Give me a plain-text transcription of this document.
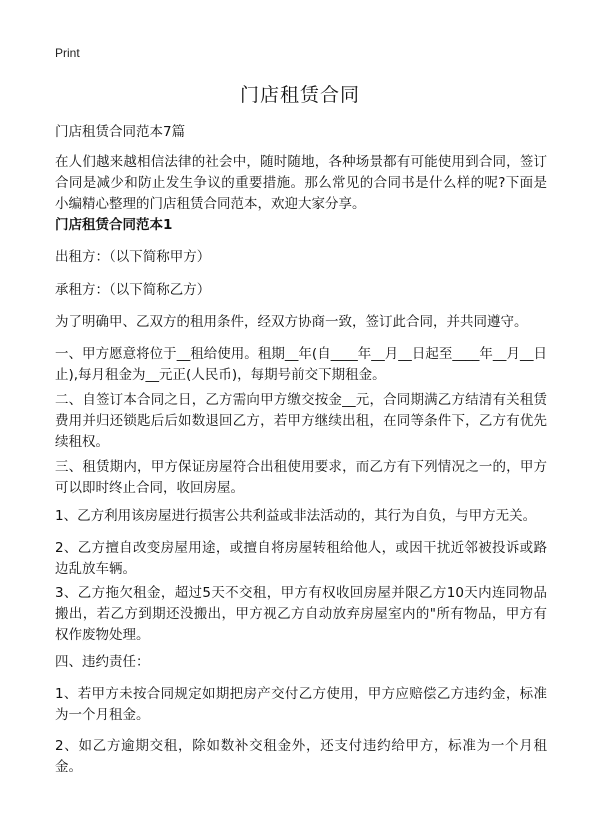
Print
门店租赁合同

门店租赁合同范本7篇

在人们越来越相信法律的社会中，随时随地，各种场景都有可能使用到合同，签订合同是减少和防止发生争议的重要措施。那么常见的合同书是什么样的呢?下面是小编精心整理的门店租赁合同范本，欢迎大家分享。

门店租赁合同范本1

出租方：（以下简称甲方）

承租方：（以下简称乙方）

为了明确甲、乙双方的租用条件，经双方协商一致，签订此合同，并共同遵守。

一、甲方愿意将位于__租给使用。租期__年(自____年__月__日起至____年__月__日止),每月租金为__元正(人民币)，每期号前交下期租金。

二、自签订本合同之日，乙方需向甲方缴交按金__元，合同期满乙方结清有关租赁费用并归还锁匙后后如数退回乙方，若甲方继续出租，在同等条件下，乙方有优先续租权。

三、租赁期内，甲方保证房屋符合出租使用要求，而乙方有下列情况之一的，甲方可以即时终止合同，收回房屋。

1、乙方利用该房屋进行损害公共利益或非法活动的，其行为自负，与甲方无关。

2、乙方擅自改变房屋用途，或擅自将房屋转租给他人，或因干扰近邻被投诉或路边乱放车辆。

3、乙方拖欠租金，超过5天不交租，甲方有权收回房屋并限乙方10天内连同物品搬出，若乙方到期还没搬出，甲方视乙方自动放弃房屋室内的"所有物品，甲方有权作废物处理。

四、违约责任：

1、若甲方未按合同规定如期把房产交付乙方使用，甲方应赔偿乙方违约金，标准为一个月租金。

2、如乙方逾期交租，除如数补交租金外，还支付违约给甲方，标准为一个月租金。
